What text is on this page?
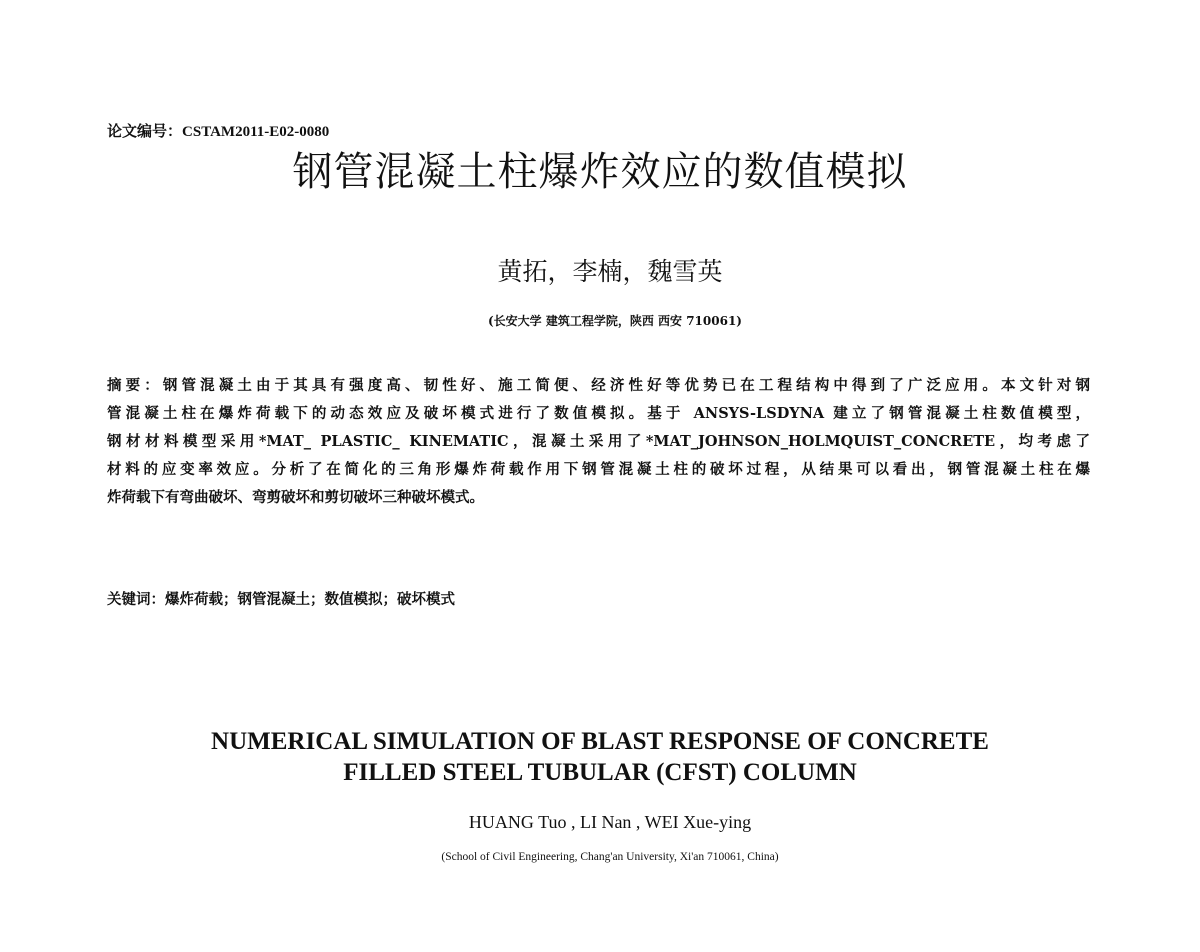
论文编号：CSTAM2011-E02-0080
钢管混凝土柱爆炸效应的数值模拟
黄拓，李楠，魏雪英
(长安大学 建筑工程学院，陕西 西安 710061)
摘要：钢管混凝土由于其具有强度高、韧性好、施工简便、经济性好等优势已在工程结构中得到了广泛应用。本文针对钢
管混凝土柱在爆炸荷载下的动态效应及破坏模式进行了数值模拟。基于 ANSYS-LSDYNA 建立了钢管混凝土柱数值模型，
钢材材料模型采用*MAT_ PLASTIC_ KINEMATIC，混凝土采用了*MAT_JOHNSON_HOLMQUIST_CONCRETE，均考虑了
材料的应变率效应。分析了在简化的三角形爆炸荷载作用下钢管混凝土柱的破坏过程，从结果可以看出，钢管混凝土柱在爆
炸荷载下有弯曲破坏、弯剪破坏和剪切破坏三种破坏模式。
关键词：爆炸荷载；钢管混凝土；数值模拟；破坏模式
NUMERICAL SIMULATION OF BLAST RESPONSE OF CONCRETE
FILLED STEEL TUBULAR (CFST) COLUMN
HUANG Tuo , LI Nan , WEI Xue-ying
(School of Civil Engineering, Chang'an University, Xi'an 710061, China)
